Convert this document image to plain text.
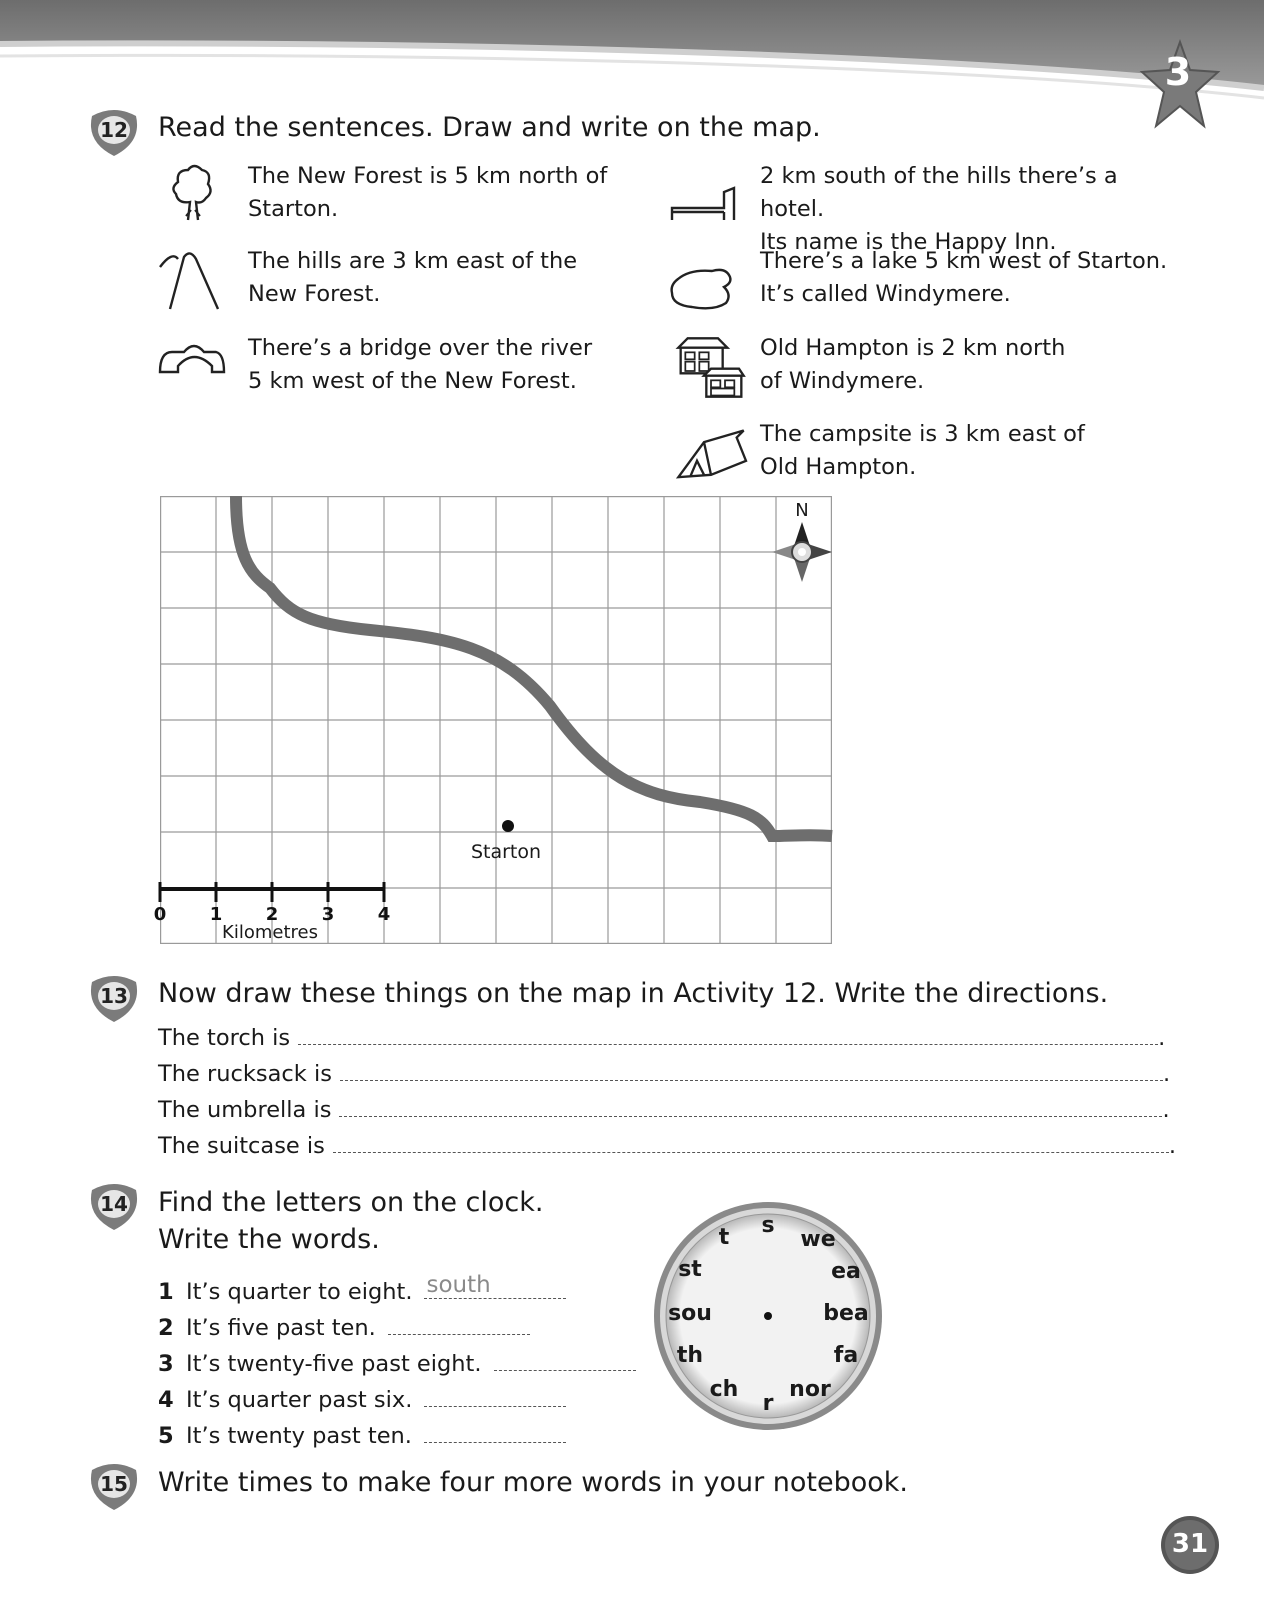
3
12	Read the sentences. Draw and write on the map.
The New Forest is 5 km north of
Starton.
The hills are 3 km east of the
New Forest.
There’s a bridge over the river
5 km west of the New Forest.
2 km south of the hills there’s a hotel.
Its name is the Happy Inn.
There’s a lake 5 km west of Starton.
It’s called Windymere.
Old Hampton is 2 km north
of Windymere.
The campsite is 3 km east of
Old Hampton.
Starton
N
0 1 2 3 4
Kilometres
13	Now draw these things on the map in Activity 12. Write the directions.
The torch is	.
The rucksack is	.
The umbrella is	.
The suitcase is	.
14	Find the letters on the clock.
Write the words.
1 It’s quarter to eight. south
2 It’s five past ten.
3 It’s twenty-five past eight.
4 It’s quarter past six.
5 It’s twenty past ten.
s
we
ea
bea
fa
nor
r
ch
th
sou
st
t
15	Write times to make four more words in your notebook.
31
